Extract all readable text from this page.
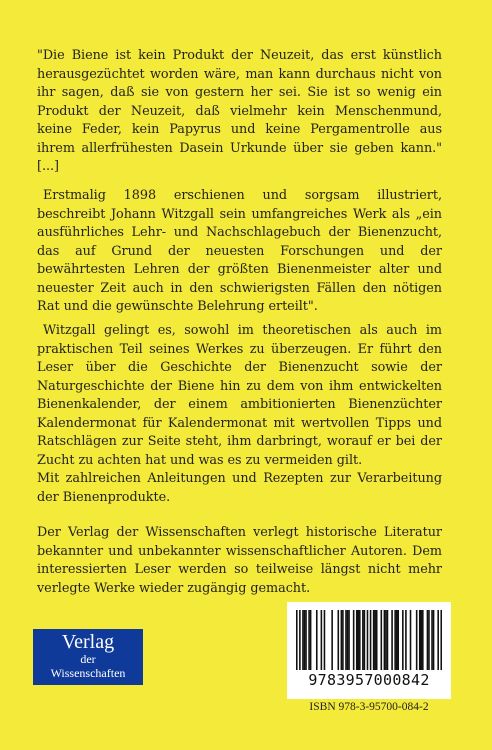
"Die Biene ist kein Produkt der Neuzeit, das erst künstlich herausgezüchtet worden wäre, man kann durchaus nicht von ihr sagen, daß sie von gestern her sei. Sie ist so wenig ein Produkt der Neuzeit, daß vielmehr kein Menschenmund, keine Feder, kein Papyrus und keine Pergamentrolle aus ihrem allerfrühesten Dasein Urkunde über sie geben kann." [...]

Erstmalig 1898 erschienen und sorgsam illustriert, beschreibt Johann Witzgall sein umfangreiches Werk als „ein ausführliches Lehr- und Nachschlagebuch der Bienenzucht, das auf Grund der neuesten Forschungen und der bewährtesten Lehren der größten Bienenmeister alter und neuester Zeit auch in den schwierigsten Fällen den nötigen Rat und die gewünschte Belehrung erteilt".

Witzgall gelingt es, sowohl im theoretischen als auch im praktischen Teil seines Werkes zu überzeugen. Er führt den Leser über die Geschichte der Bienenzucht sowie der Naturgeschichte der Biene hin zu dem von ihm entwickelten Bienenkalender, der einem ambitionierten Bienenzüchter Kalendermonat für Kalendermonat mit wertvollen Tipps und Ratschlägen zur Seite steht, ihm darbringt, worauf er bei der Zucht zu achten hat und was es zu vermeiden gilt.

Mit zahlreichen Anleitungen und Rezepten zur Verarbeitung der Bienenprodukte.

Der Verlag der Wissenschaften verlegt historische Literatur bekannter und unbekannter wissenschaftlicher Autoren. Dem interessierten Leser werden so teilweise längst nicht mehr verlegte Werke wieder zugängig gemacht.

Verlag
der
Wissenschaften	9783957000842
ISBN 978-3-95700-084-2
